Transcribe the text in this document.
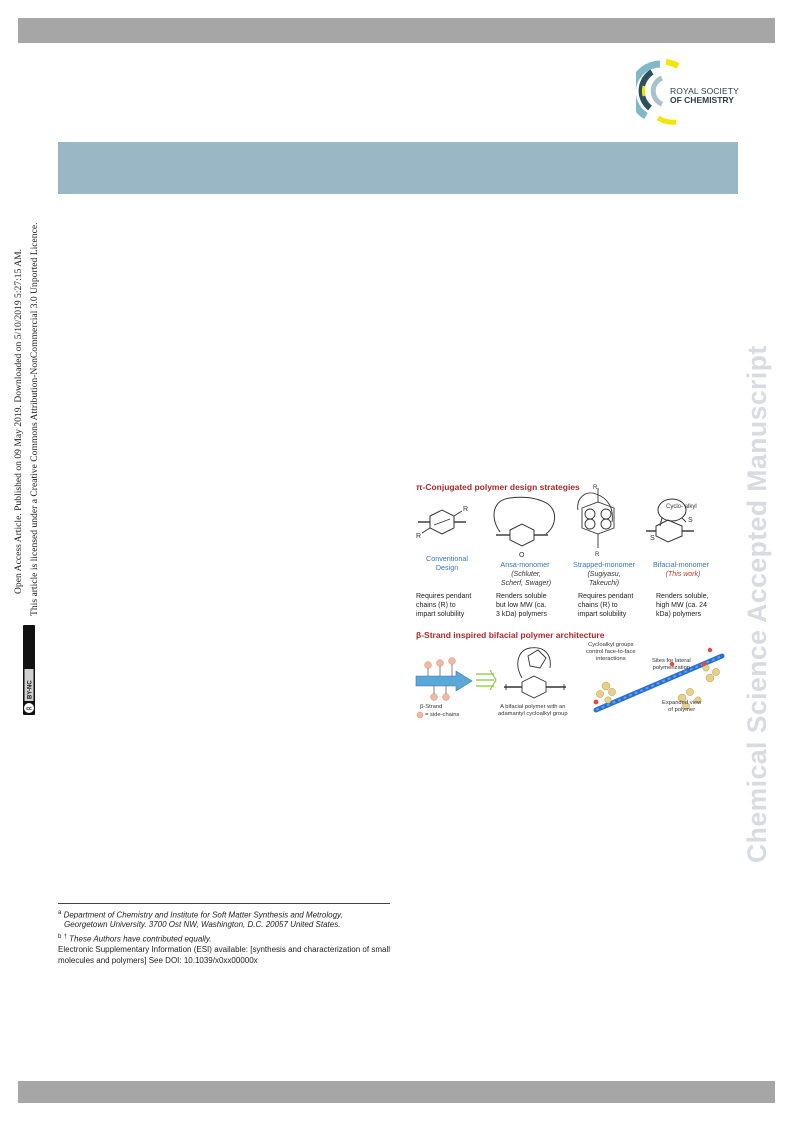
ROYAL SOCIETY
OF CHEMISTRY
Open Access Article. Published on 09 May 2019. Downloaded on 5/10/2019 5:27:15 AM. This article is licensed under a Creative Commons Attribution-NonCommercial 3.0 Unported Licence.
cc
BY-NC	Chemical Science Accepted Manuscript
π-Conjugated polymer design strategies
R
R
O
R
R
Cyclo- alkyl
S
S
Conventional
Design	Ansa-monomer	Strapped-monomer	Bifacial-monomer
(Schluter,
Scherf, Swager)
(Sugiyasu,
Takeuchi)
(This work)
Requires pendant
chains (R) to
impart solubility
Renders soluble
but low MW (ca.
3 kDa) polymers
Requires pendant
chains (R) to
impart solubility
Renders soluble,
high MW (ca. 24
kDa) polymers
β-Strand inspired bifacial polymer architecture
β-Strand
= side-chains
A bifacial polymer with an
adamantyl cycloalkyl group
Cycloalkyl groups
control face-to-face
interactions	Sites for lateral
polymerization
Expanded view
of polymer
$^a$ Department of Chemistry and Institute for Soft Matter Synthesis and Metrology,
Georgetown University. 3700 Ost NW, Washington, D.C. 20057 United States.
$^b$ † These Authors have contributed equally.
Electronic Supplementary Information (ESI) available: [synthesis and characterization of small molecules and polymers] See DOI: 10.1039/x0xx00000x
